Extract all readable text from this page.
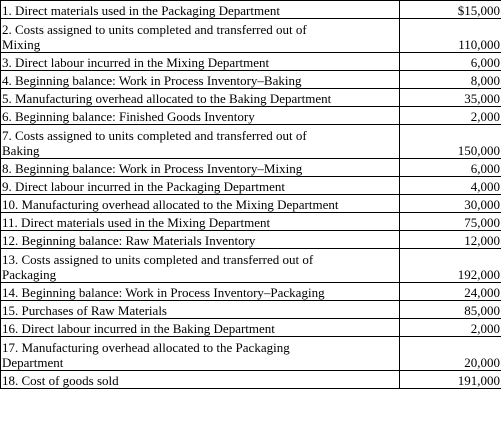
1. Direct materials used in the Packaging Department	$15,000

2. Costs assigned to units completed and transferred out of
Mixing	110,000

3. Direct labour incurred in the Mixing Department	6,000

4. Beginning balance: Work in Process Inventory–Baking	8,000

5. Manufacturing overhead allocated to the Baking Department	35,000

6. Beginning balance: Finished Goods Inventory	2,000

7. Costs assigned to units completed and transferred out of
Baking	150,000

8. Beginning balance: Work in Process Inventory–Mixing	6,000

9. Direct labour incurred in the Packaging Department	4,000

10. Manufacturing overhead allocated to the Mixing Department	30,000

11. Direct materials used in the Mixing Department	75,000

12. Beginning balance: Raw Materials Inventory	12,000

13. Costs assigned to units completed and transferred out of
Packaging	192,000

14. Beginning balance: Work in Process Inventory–Packaging	24,000

15. Purchases of Raw Materials	85,000

16. Direct labour incurred in the Baking Department	2,000

17. Manufacturing overhead allocated to the Packaging
Department	20,000

18. Cost of goods sold	191,000
